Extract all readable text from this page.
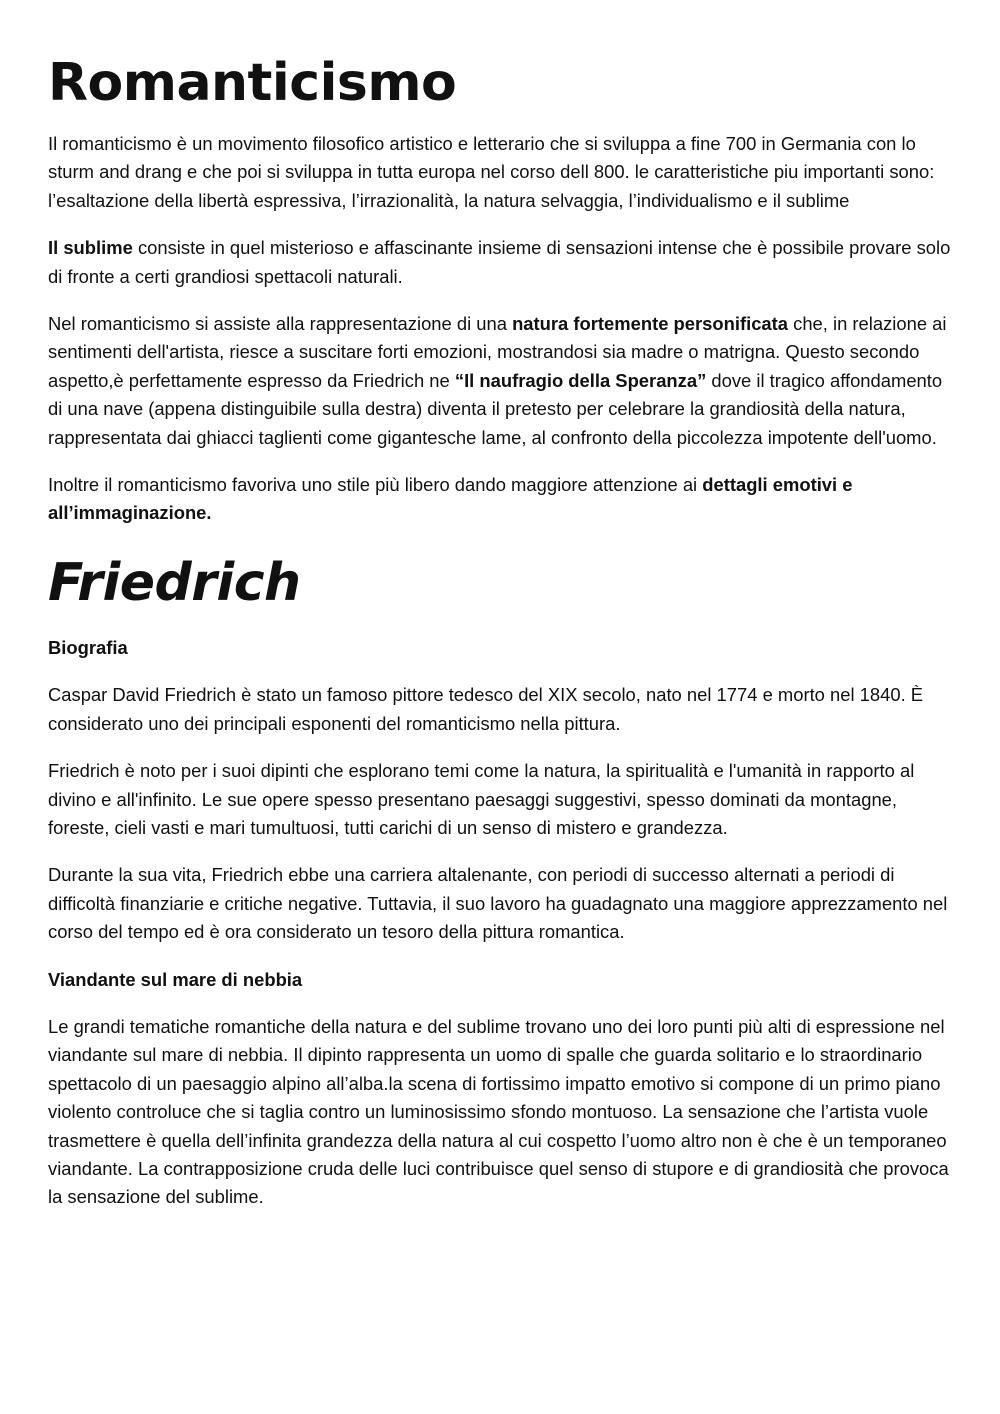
Romanticismo

Il romanticismo è un movimento filosofico artistico e letterario che si sviluppa a fine 700 in Germania con lo sturm and drang e che poi si sviluppa in tutta europa nel corso dell 800. le caratteristiche piu importanti sono: l’esaltazione della libertà espressiva, l’irrazionalità, la natura selvaggia, l’individualismo e il sublime

Il sublime consiste in quel misterioso e affascinante insieme di sensazioni intense che è possibile provare solo di fronte a certi grandiosi spettacoli naturali.

Nel romanticismo si assiste alla rappresentazione di una natura fortemente personificata che, in relazione ai sentimenti dell'artista, riesce a suscitare forti emozioni, mostrandosi sia madre o matrigna. Questo secondo aspetto,è perfettamente espresso da Friedrich ne “Il naufragio della Speranza” dove il tragico affondamento di una nave (appena distinguibile sulla destra) diventa il pretesto per celebrare la grandiosità della natura, rappresentata dai ghiacci taglienti come gigantesche lame, al confronto della piccolezza impotente dell'uomo.

Inoltre il romanticismo favoriva uno stile più libero dando maggiore attenzione ai dettagli emotivi e all’immaginazione.

Friedrich

Biografia

Caspar David Friedrich è stato un famoso pittore tedesco del XIX secolo, nato nel 1774 e morto nel 1840. È considerato uno dei principali esponenti del romanticismo nella pittura.

Friedrich è noto per i suoi dipinti che esplorano temi come la natura, la spiritualità e l'umanità in rapporto al divino e all'infinito. Le sue opere spesso presentano paesaggi suggestivi, spesso dominati da montagne, foreste, cieli vasti e mari tumultuosi, tutti carichi di un senso di mistero e grandezza.

Durante la sua vita, Friedrich ebbe una carriera altalenante, con periodi di successo alternati a periodi di difficoltà finanziarie e critiche negative. Tuttavia, il suo lavoro ha guadagnato una maggiore apprezzamento nel corso del tempo ed è ora considerato un tesoro della pittura romantica.

Viandante sul mare di nebbia

Le grandi tematiche romantiche della natura e del sublime trovano uno dei loro punti più alti di espressione nel viandante sul mare di nebbia. Il dipinto rappresenta un uomo di spalle che guarda solitario e lo straordinario spettacolo di un paesaggio alpino all’alba.la scena di fortissimo impatto emotivo si compone di un primo piano violento controluce che si taglia contro un luminosissimo sfondo montuoso. La sensazione che l’artista vuole trasmettere è quella dell’infinita grandezza della natura al cui cospetto l’uomo altro non è che è un temporaneo viandante. La contrapposizione cruda delle luci contribuisce quel senso di stupore e di grandiosità che provoca la sensazione del sublime.
